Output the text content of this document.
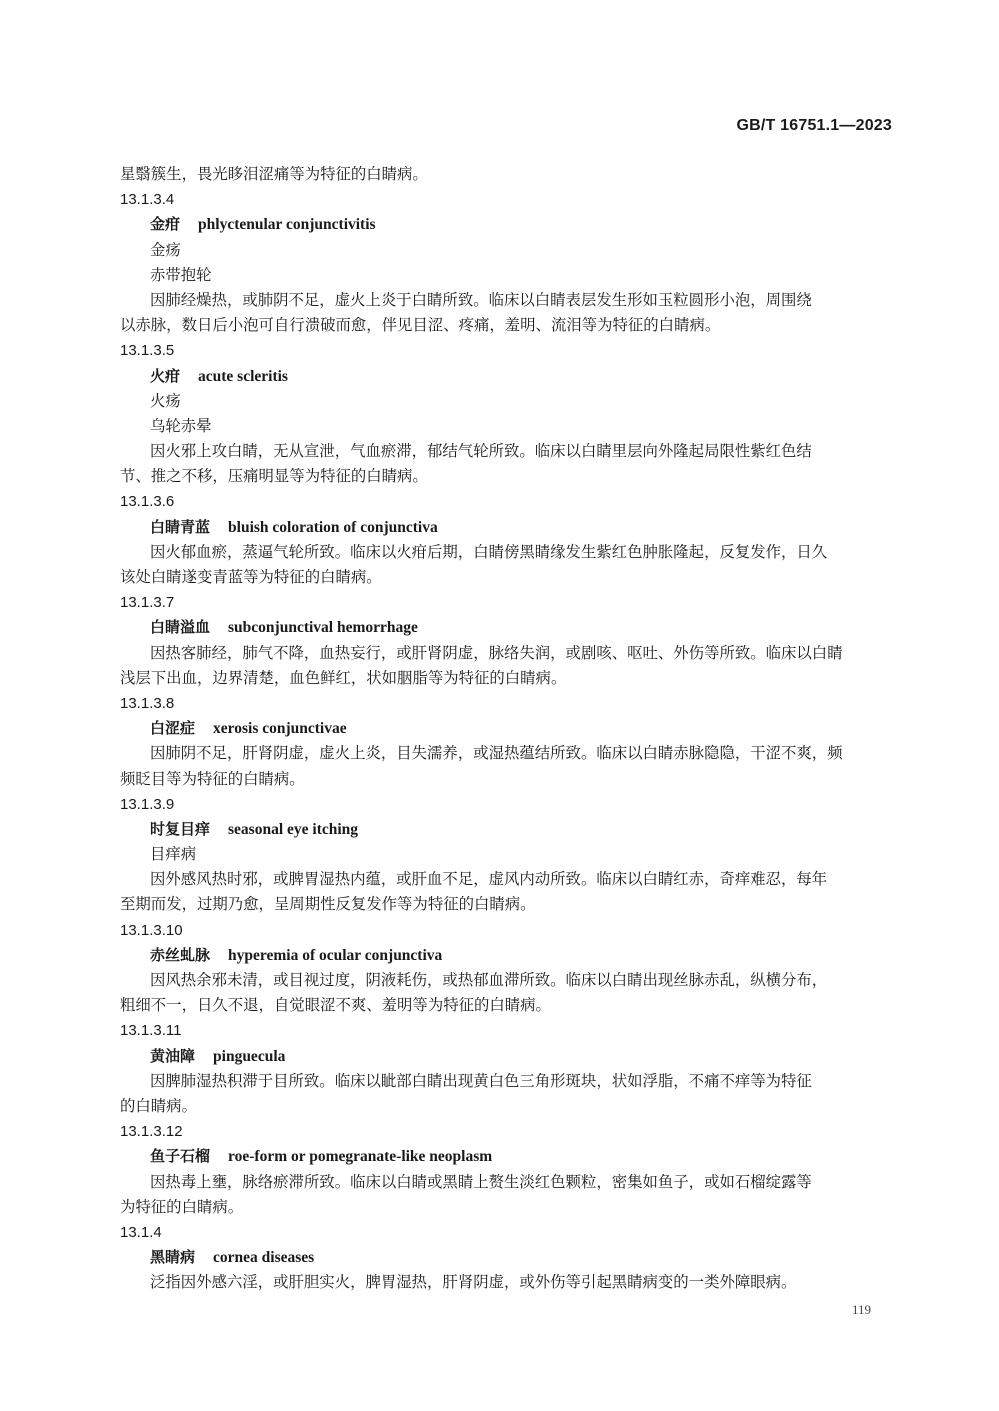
GB/T 16751.1—2023
星翳簇生，畏光眵泪涩痛等为特征的白睛病。
13.1.3.4
金疳 phlyctenular conjunctivitis
金疡
赤带抱轮
因肺经燥热，或肺阴不足，虚火上炎于白睛所致。临床以白睛表层发生形如玉粒圆形小泡，周围绕
以赤脉，数日后小泡可自行溃破而愈，伴见目涩、疼痛，羞明、流泪等为特征的白睛病。
13.1.3.5
火疳 acute scleritis
火疡
乌轮赤晕
因火邪上攻白睛，无从宣泄，气血瘀滞，郁结气轮所致。临床以白睛里层向外隆起局限性紫红色结
节、推之不移，压痛明显等为特征的白睛病。
13.1.3.6
白睛青蓝 bluish coloration of conjunctiva
因火郁血瘀，蒸逼气轮所致。临床以火疳后期，白睛傍黑睛缘发生紫红色肿胀隆起，反复发作，日久
该处白睛遂变青蓝等为特征的白睛病。
13.1.3.7
白睛溢血 subconjunctival hemorrhage
因热客肺经，肺气不降，血热妄行，或肝肾阴虚，脉络失润，或剧咳、呕吐、外伤等所致。临床以白睛
浅层下出血，边界清楚，血色鲜红，状如胭脂等为特征的白睛病。
13.1.3.8
白涩症 xerosis conjunctivae
因肺阴不足，肝肾阴虚，虚火上炎，目失濡养，或湿热蕴结所致。临床以白睛赤脉隐隐，干涩不爽，频
频眨目等为特征的白睛病。
13.1.3.9
时复目痒 seasonal eye itching
目痒病
因外感风热时邪，或脾胃湿热内蕴，或肝血不足，虚风内动所致。临床以白睛红赤，奇痒难忍，每年
至期而发，过期乃愈，呈周期性反复发作等为特征的白睛病。
13.1.3.10
赤丝虬脉 hyperemia of ocular conjunctiva
因风热余邪未清，或目视过度，阴液耗伤，或热郁血滞所致。临床以白睛出现丝脉赤乱，纵横分布，
粗细不一，日久不退，自觉眼涩不爽、羞明等为特征的白睛病。
13.1.3.11
黄油障 pinguecula
因脾肺湿热积滞于目所致。临床以眦部白睛出现黄白色三角形斑块，状如浮脂，不痛不痒等为特征
的白睛病。
13.1.3.12
鱼子石榴 roe-form or pomegranate-like neoplasm
因热毒上壅，脉络瘀滞所致。临床以白睛或黑睛上赘生淡红色颗粒，密集如鱼子，或如石榴绽露等
为特征的白睛病。
13.1.4
黑睛病 cornea diseases
泛指因外感六淫，或肝胆实火，脾胃湿热，肝肾阴虚，或外伤等引起黑睛病变的一类外障眼病。
119
